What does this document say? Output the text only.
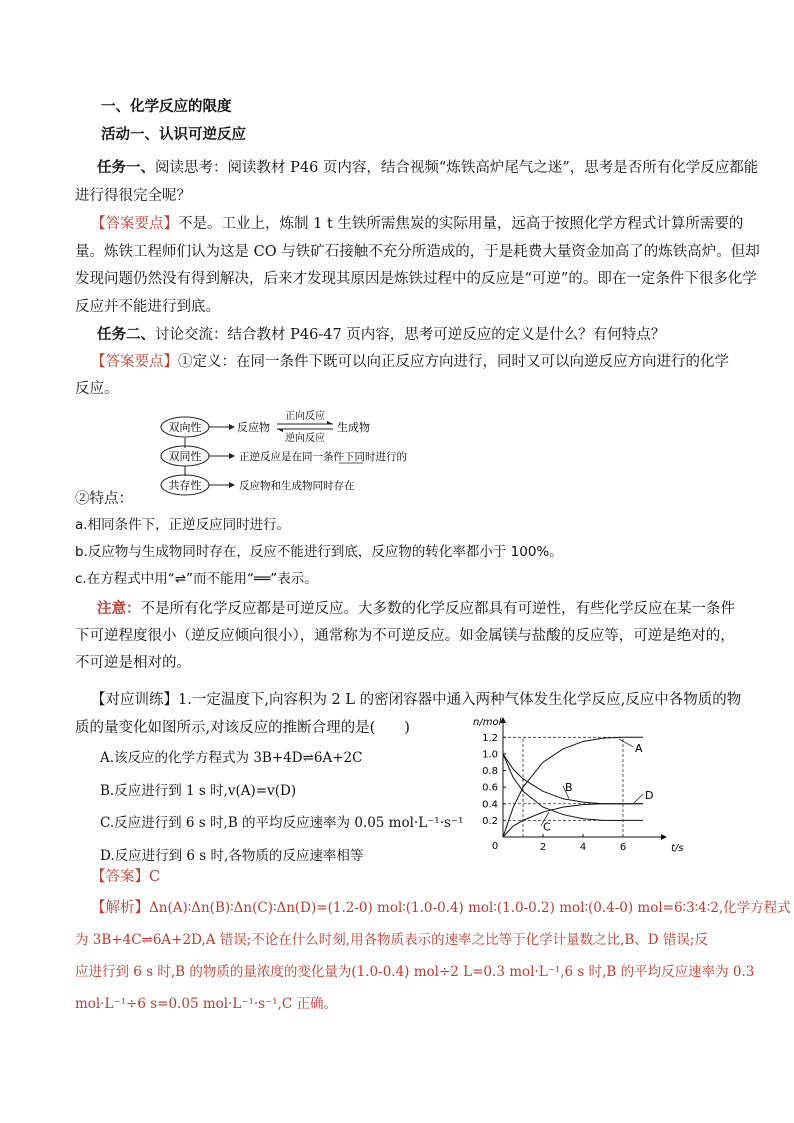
一、化学反应的限度
活动一、认识可逆反应
任务一、阅读思考：阅读教材 P46 页内容，结合视频“炼铁高炉尾气之迷”，思考是否所有化学反应都能
进行得很完全呢？
【答案要点】不是。工业上，炼制 1 t 生铁所需焦炭的实际用量，远高于按照化学方程式计算所需要的
量。炼铁工程师们认为这是 CO 与铁矿石接触不充分所造成的，于是耗费大量资金加高了的炼铁高炉。但却
发现问题仍然没有得到解决，后来才发现其原因是炼铁过程中的反应是“可逆”的。即在一定条件下很多化学
反应并不能进行到底。
任务二、讨论交流：结合教材 P46-47 页内容，思考可逆反应的定义是什么？有何特点？
【答案要点】①定义：在同一条件下既可以向正反应方向进行，同时又可以向逆反应方向进行的化学
反应。
双向性
双同性
共存性
反应物
正向反应
逆向反应
生成物
正逆反应是在同一条件下同时进行的
反应物和生成物同时存在
②特点：
a.相同条件下，正逆反应同时进行。
b.反应物与生成物同时存在，反应不能进行到底，反应物的转化率都小于 100%。
c.在方程式中用“⇌”而不能用“══”表示。
注意：不是所有化学反应都是可逆反应。大多数的化学反应都具有可逆性，有些化学反应在某一条件
下可逆程度很小（逆反应倾向很小），通常称为不可逆反应。如金属镁与盐酸的反应等，可逆是绝对的，
不可逆是相对的。
【对应训练】1.一定温度下,向容积为 2 L 的密闭容器中通入两种气体发生化学反应,反应中各物质的物
质的量变化如图所示,对该反应的推断合理的是(　　)
A.该反应的化学方程式为 3B+4D⇌6A+2C
B.反应进行到 1 s 时,v(A)=v(D)
C.反应进行到 6 s 时,B 的平均反应速率为 0.05 mol·L⁻¹·s⁻¹
D.反应进行到 6 s 时,各物质的反应速率相等
【答案】C
0
n/mol
t/s
0.2
0.4
0.6
0.8
1.0
1.2
2	4	6
A
B
C
D
【解析】Δn(A)∶Δn(B)∶Δn(C)∶Δn(D)=(1.2-0) mol∶(1.0-0.4) mol∶(1.0-0.2) mol∶(0.4-0) mol=6∶3∶4∶2,化学方程式
为 3B+4C⇌6A+2D,A 错误;不论在什么时刻,用各物质表示的速率之比等于化学计量数之比,B、D 错误;反
应进行到 6 s 时,B 的物质的量浓度的变化量为(1.0-0.4) mol÷2 L=0.3 mol·L⁻¹,6 s 时,B 的平均反应速率为 0.3
mol·L⁻¹÷6 s=0.05 mol·L⁻¹·s⁻¹,C 正确。
